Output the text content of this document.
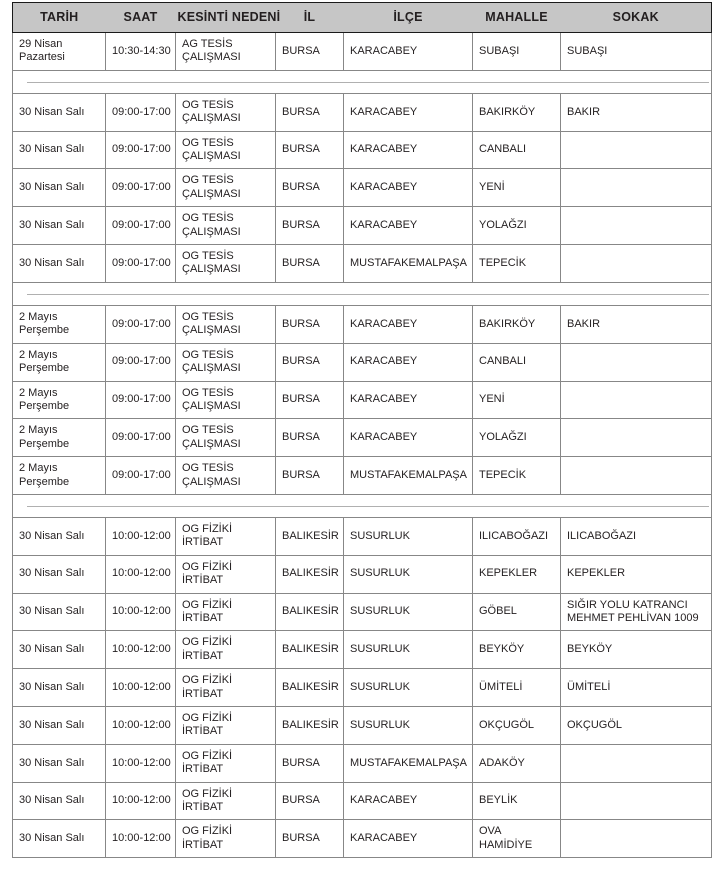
TARİH	SAAT	KESİNTİ NEDENİ	İL	İLÇE	MAHALLE	SOKAK
29 Nisan Pazartesi	10:30-14:30	AG TESİS ÇALIŞMASI	BURSA	KARACABEY	SUBAŞI	SUBAŞI

30 Nisan Salı	09:00-17:00	OG TESİS ÇALIŞMASI	BURSA	KARACABEY	BAKIRKÖY	BAKIR
30 Nisan Salı	09:00-17:00	OG TESİS ÇALIŞMASI	BURSA	KARACABEY	CANBALI	
30 Nisan Salı	09:00-17:00	OG TESİS ÇALIŞMASI	BURSA	KARACABEY	YENİ	
30 Nisan Salı	09:00-17:00	OG TESİS ÇALIŞMASI	BURSA	KARACABEY	YOLAĞZI	
30 Nisan Salı	09:00-17:00	OG TESİS ÇALIŞMASI	BURSA	MUSTAFAKEMALPAŞA	TEPECİK	

2 Mayıs Perşembe	09:00-17:00	OG TESİS ÇALIŞMASI	BURSA	KARACABEY	BAKIRKÖY	BAKIR
2 Mayıs Perşembe	09:00-17:00	OG TESİS ÇALIŞMASI	BURSA	KARACABEY	CANBALI	
2 Mayıs Perşembe	09:00-17:00	OG TESİS ÇALIŞMASI	BURSA	KARACABEY	YENİ	
2 Mayıs Perşembe	09:00-17:00	OG TESİS ÇALIŞMASI	BURSA	KARACABEY	YOLAĞZI	
2 Mayıs Perşembe	09:00-17:00	OG TESİS ÇALIŞMASI	BURSA	MUSTAFAKEMALPAŞA	TEPECİK	

30 Nisan Salı	10:00-12:00	OG FİZİKİ İRTİBAT	BALIKESİR	SUSURLUK	ILICABOĞAZI	ILICABOĞAZI
30 Nisan Salı	10:00-12:00	OG FİZİKİ İRTİBAT	BALIKESİR	SUSURLUK	KEPEKLER	KEPEKLER
30 Nisan Salı	10:00-12:00	OG FİZİKİ İRTİBAT	BALIKESİR	SUSURLUK	GÖBEL	SIĞIR YOLU KATRANCI MEHMET PEHLİVAN 1009
30 Nisan Salı	10:00-12:00	OG FİZİKİ İRTİBAT	BALIKESİR	SUSURLUK	BEYKÖY	BEYKÖY
30 Nisan Salı	10:00-12:00	OG FİZİKİ İRTİBAT	BALIKESİR	SUSURLUK	ÜMİTELİ	ÜMİTELİ
30 Nisan Salı	10:00-12:00	OG FİZİKİ İRTİBAT	BALIKESİR	SUSURLUK	OKÇUGÖL	OKÇUGÖL
30 Nisan Salı	10:00-12:00	OG FİZİKİ İRTİBAT	BURSA	MUSTAFAKEMALPAŞA	ADAKÖY	
30 Nisan Salı	10:00-12:00	OG FİZİKİ İRTİBAT	BURSA	KARACABEY	BEYLİK	
30 Nisan Salı	10:00-12:00	OG FİZİKİ İRTİBAT	BURSA	KARACABEY	OVA HAMİDİYE	
